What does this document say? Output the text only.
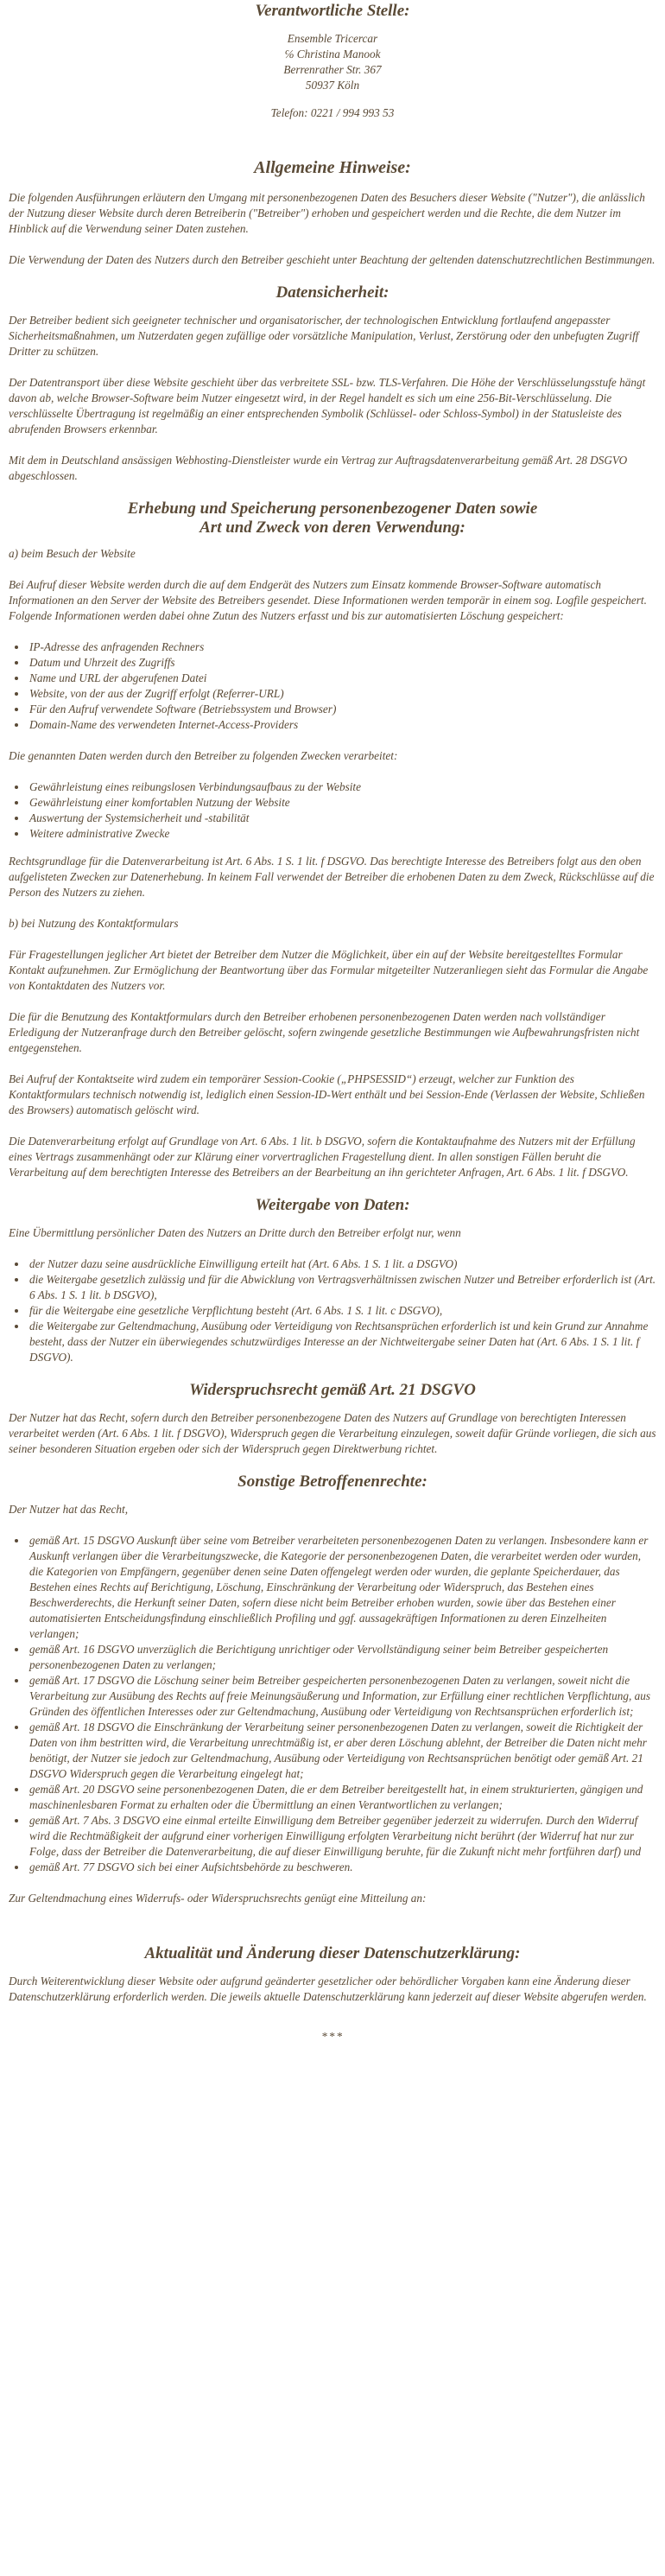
Verantwortliche Stelle:
Ensemble Tricercar
℅ Christina Manook
Berrenrather Str. 367
50937 Köln
Telefon: 0221 / 994 993 53
Allgemeine Hinweise:

Die folgenden Ausführungen erläutern den Umgang mit personenbezogenen Daten des Besuchers dieser Website ("Nutzer"), die anlässlich der Nutzung dieser Website durch deren Betreiberin ("Betreiber") erhoben und gespeichert werden und die Rechte, die dem Nutzer im Hinblick auf die Verwendung seiner Daten zustehen.

Die Verwendung der Daten des Nutzers durch den Betreiber geschieht unter Beachtung der geltenden datenschutzrechtlichen Bestimmungen.

Datensicherheit:

Der Betreiber bedient sich geeigneter technischer und organisatorischer, der technologischen Entwicklung fortlaufend angepasster Sicherheitsmaßnahmen, um Nutzerdaten gegen zufällige oder vorsätzliche Manipulation, Verlust, Zerstörung oder den unbefugten Zugriff Dritter zu schützen.

Der Datentransport über diese Website geschieht über das verbreitete SSL- bzw. TLS-Verfahren. Die Höhe der Verschlüsselungsstufe hängt davon ab, welche Browser-Software beim Nutzer eingesetzt wird, in der Regel handelt es sich um eine 256-Bit-Verschlüsselung. Die verschlüsselte Übertragung ist regelmäßig an einer entsprechenden Symbolik (Schlüssel- oder Schloss-Symbol) in der Statusleiste des abrufenden Browsers erkennbar.

Mit dem in Deutschland ansässigen Webhosting-Dienstleister wurde ein Vertrag zur Auftragsdatenverarbeitung gemäß Art. 28 DSGVO abgeschlossen.

Erhebung und Speicherung personenbezogener Daten sowie
Art und Zweck von deren Verwendung:

a) beim Besuch der Website

Bei Aufruf dieser Website werden durch die auf dem Endgerät des Nutzers zum Einsatz kommende Browser-Software automatisch Informationen an den Server der Website des Betreibers gesendet. Diese Informationen werden temporär in einem sog. Logfile gespeichert. Folgende Informationen werden dabei ohne Zutun des Nutzers erfasst und bis zur automatisierten Löschung gespeichert:

• IP-Adresse des anfragenden Rechners
• Datum und Uhrzeit des Zugriffs
• Name und URL der abgerufenen Datei
• Website, von der aus der Zugriff erfolgt (Referrer-URL)
• Für den Aufruf verwendete Software (Betriebssystem und Browser)
• Domain-Name des verwendeten Internet-Access-Providers

Die genannten Daten werden durch den Betreiber zu folgenden Zwecken verarbeitet:

• Gewährleistung eines reibungslosen Verbindungsaufbaus zu der Website
• Gewährleistung einer komfortablen Nutzung der Website
• Auswertung der Systemsicherheit und -stabilität
• Weitere administrative Zwecke

Rechtsgrundlage für die Datenverarbeitung ist Art. 6 Abs. 1 S. 1 lit. f DSGVO. Das berechtigte Interesse des Betreibers folgt aus den oben aufgelisteten Zwecken zur Datenerhebung. In keinem Fall verwendet der Betreiber die erhobenen Daten zu dem Zweck, Rückschlüsse auf die Person des Nutzers zu ziehen.

b) bei Nutzung des Kontaktformulars

Für Fragestellungen jeglicher Art bietet der Betreiber dem Nutzer die Möglichkeit, über ein auf der Website bereitgestelltes Formular Kontakt aufzunehmen. Zur Ermöglichung der Beantwortung über das Formular mitgeteilter Nutzeranliegen sieht das Formular die Angabe von Kontaktdaten des Nutzers vor.

Die für die Benutzung des Kontaktformulars durch den Betreiber erhobenen personenbezogenen Daten werden nach vollständiger Erledigung der Nutzeranfrage durch den Betreiber gelöscht, sofern zwingende gesetzliche Bestimmungen wie Aufbewahrungsfristen nicht entgegenstehen.

Bei Aufruf der Kontaktseite wird zudem ein temporärer Session-Cookie („PHPSESSID“) erzeugt, welcher zur Funktion des Kontaktformulars technisch notwendig ist, lediglich einen Session-ID-Wert enthält und bei Session-Ende (Verlassen der Website, Schließen des Browsers) automatisch gelöscht wird.

Die Datenverarbeitung erfolgt auf Grundlage von Art. 6 Abs. 1 lit. b DSGVO, sofern die Kontaktaufnahme des Nutzers mit der Erfüllung eines Vertrags zusammenhängt oder zur Klärung einer vorvertraglichen Fragestellung dient. In allen sonstigen Fällen beruht die Verarbeitung auf dem berechtigten Interesse des Betreibers an der Bearbeitung an ihn gerichteter Anfragen, Art. 6 Abs. 1 lit. f DSGVO.

Weitergabe von Daten:

Eine Übermittlung persönlicher Daten des Nutzers an Dritte durch den Betreiber erfolgt nur, wenn

• der Nutzer dazu seine ausdrückliche Einwilligung erteilt hat (Art. 6 Abs. 1 S. 1 lit. a DSGVO)
• die Weitergabe gesetzlich zulässig und für die Abwicklung von Vertragsverhältnissen zwischen Nutzer und Betreiber erforderlich ist (Art. 6 Abs. 1 S. 1 lit. b DSGVO),
• für die Weitergabe eine gesetzliche Verpflichtung besteht (Art. 6 Abs. 1 S. 1 lit. c DSGVO),
• die Weitergabe zur Geltendmachung, Ausübung oder Verteidigung von Rechtsansprüchen erforderlich ist und kein Grund zur Annahme besteht, dass der Nutzer ein überwiegendes schutzwürdiges Interesse an der Nichtweitergabe seiner Daten hat (Art. 6 Abs. 1 S. 1 lit. f DSGVO).
Widerspruchsrecht gemäß Art. 21 DSGVO

Der Nutzer hat das Recht, sofern durch den Betreiber personenbezogene Daten des Nutzers auf Grundlage von berechtigten Interessen verarbeitet werden (Art. 6 Abs. 1 lit. f DSGVO), Widerspruch gegen die Verarbeitung einzulegen, soweit dafür Gründe vorliegen, die sich aus seiner besonderen Situation ergeben oder sich der Widerspruch gegen Direktwerbung richtet.

Sonstige Betroffenenrechte:

Der Nutzer hat das Recht,

• gemäß Art. 15 DSGVO Auskunft über seine vom Betreiber verarbeiteten personenbezogenen Daten zu verlangen. Insbesondere kann er Auskunft verlangen über die Verarbeitungszwecke, die Kategorie der personenbezogenen Daten, die verarbeitet werden oder wurden, die Kategorien von Empfängern, gegenüber denen seine Daten offengelegt werden oder wurden, die geplante Speicherdauer, das Bestehen eines Rechts auf Berichtigung, Löschung, Einschränkung der Verarbeitung oder Widerspruch, das Bestehen eines Beschwerderechts, die Herkunft seiner Daten, sofern diese nicht beim Betreiber erhoben wurden, sowie über das Bestehen einer automatisierten Entscheidungsfindung einschließlich Profiling und ggf. aussagekräftigen Informationen zu deren Einzelheiten verlangen;
• gemäß Art. 16 DSGVO unverzüglich die Berichtigung unrichtiger oder Vervollständigung seiner beim Betreiber gespeicherten personenbezogenen Daten zu verlangen;
• gemäß Art. 17 DSGVO die Löschung seiner beim Betreiber gespeicherten personenbezogenen Daten zu verlangen, soweit nicht die Verarbeitung zur Ausübung des Rechts auf freie Meinungsäußerung und Information, zur Erfüllung einer rechtlichen Verpflichtung, aus Gründen des öffentlichen Interesses oder zur Geltendmachung, Ausübung oder Verteidigung von Rechtsansprüchen erforderlich ist;
• gemäß Art. 18 DSGVO die Einschränkung der Verarbeitung seiner personenbezogenen Daten zu verlangen, soweit die Richtigkeit der Daten von ihm bestritten wird, die Verarbeitung unrechtmäßig ist, er aber deren Löschung ablehnt, der Betreiber die Daten nicht mehr benötigt, der Nutzer sie jedoch zur Geltendmachung, Ausübung oder Verteidigung von Rechtsansprüchen benötigt oder gemäß Art. 21 DSGVO Widerspruch gegen die Verarbeitung eingelegt hat;
• gemäß Art. 20 DSGVO seine personenbezogenen Daten, die er dem Betreiber bereitgestellt hat, in einem strukturierten, gängigen und maschinenlesbaren Format zu erhalten oder die Übermittlung an einen Verantwortlichen zu verlangen;
• gemäß Art. 7 Abs. 3 DSGVO eine einmal erteilte Einwilligung dem Betreiber gegenüber jederzeit zu widerrufen. Durch den Widerruf wird die Rechtmäßigkeit der aufgrund einer vorherigen Einwilligung erfolgten Verarbeitung nicht berührt (der Widerruf hat nur zur Folge, dass der Betreiber die Datenverarbeitung, die auf dieser Einwilligung beruhte, für die Zukunft nicht mehr fortführen darf) und
• gemäß Art. 77 DSGVO sich bei einer Aufsichtsbehörde zu beschweren.

Zur Geltendmachung eines Widerrufs- oder Widerspruchsrechts genügt eine Mitteilung an:

Aktualität und Änderung dieser Datenschutzerklärung:

Durch Weiterentwicklung dieser Website oder aufgrund geänderter gesetzlicher oder behördlicher Vorgaben kann eine Änderung dieser Datenschutzerklärung erforderlich werden. Die jeweils aktuelle Datenschutzerklärung kann jederzeit auf dieser Website abgerufen werden.

***
